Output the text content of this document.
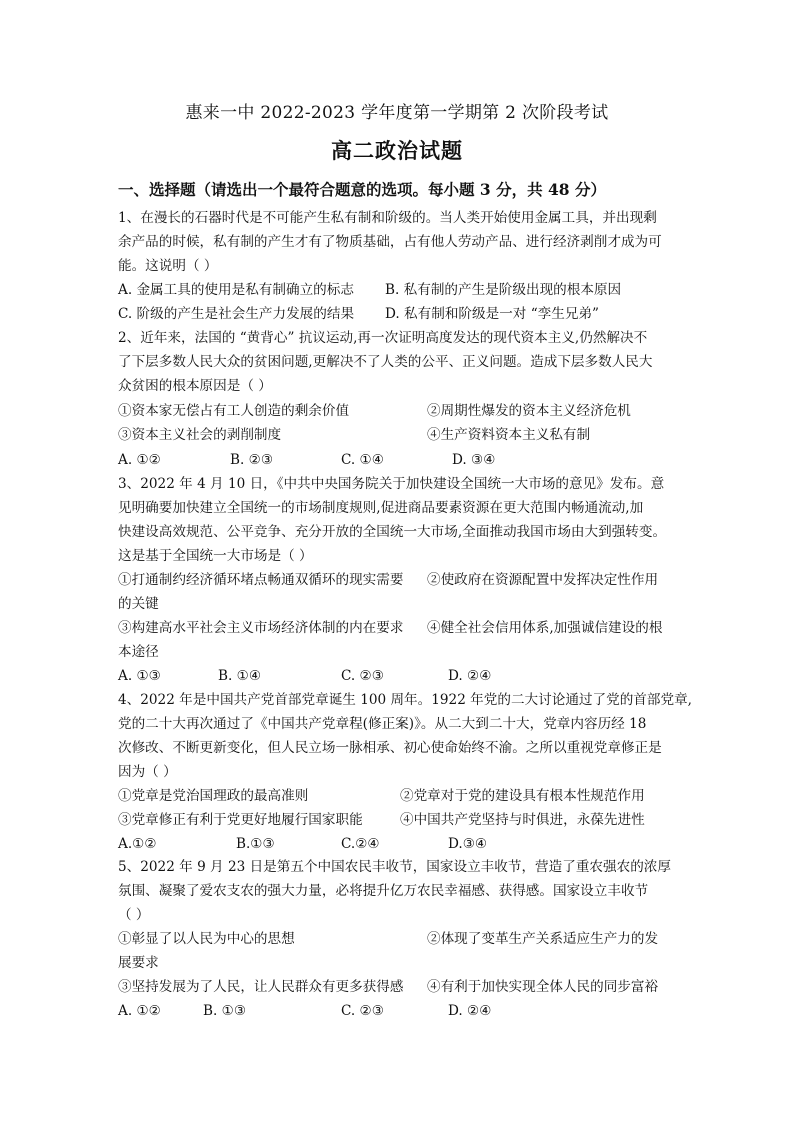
惠来一中 2022-2023 学年度第一学期第 2 次阶段考试
高二政治试题
一、选择题（请选出一个最符合题意的选项。每小题 3 分，共 48 分）
1、在漫长的石器时代是不可能产生私有制和阶级的。当人类开始使用金属工具，并出现剩
余产品的时候，私有制的产生才有了物质基础，占有他人劳动产品、进行经济剥削才成为可
能。这说明（ ）
A. 金属工具的使用是私有制确立的标志 B. 私有制的产生是阶级出现的根本原因
C. 阶级的产生是社会生产力发展的结果 D. 私有制和阶级是一对 “孪生兄弟”
2、近年来，法国的 “黄背心” 抗议运动,再一次证明高度发达的现代资本主义,仍然解决不
了下层多数人民大众的贫困问题,更解决不了人类的公平、正义问题。造成下层多数人民大
众贫困的根本原因是（ ）
①资本家无偿占有工人创造的剩余价值	②周期性爆发的资本主义经济危机
③资本主义社会的剥削制度	④生产资料资本主义私有制
A. ①②	B. ②③	C. ①④	D. ③④
3、2022 年 4 月 10 日，《中共中央国务院关于加快建设全国统一大市场的意见》发布。意
见明确要加快建立全国统一的市场制度规则,促进商品要素资源在更大范围内畅通流动,加
快建设高效规范、公平竞争、充分开放的全国统一大市场,全面推动我国市场由大到强转变。
这是基于全国统一大市场是（ ）
①打通制约经济循环堵点畅通双循环的现实需要 ②使政府在资源配置中发挥决定性作用
的关键
③构建高水平社会主义市场经济体制的内在要求 ④健全社会信用体系,加强诚信建设的根
本途径
A. ①③	B. ①④	C. ②③	D. ②④
4、2022 年是中国共产党首部党章诞生 100 周年。1922 年党的二大讨论通过了党的首部党章,
党的二十大再次通过了《中国共产党章程(修正案)》。从二大到二十大，党章内容历经 18
次修改、不断更新变化，但人民立场一脉相承、初心使命始终不渝。之所以重视党章修正是
因为（ ）
①党章是党治国理政的最高准则	②党章对于党的建设具有根本性规范作用
③党章修正有利于党更好地履行国家职能	④中国共产党坚持与时俱进，永葆先进性
A.①②	B.①③	C.②④	D.③④
5、2022 年 9 月 23 日是第五个中国农民丰收节，国家设立丰收节，营造了重农强农的浓厚
氛围、凝聚了爱农支农的强大力量，必将提升亿万农民幸福感、获得感。国家设立丰收节
（ ）
①彰显了以人民为中心的思想	②体现了变革生产关系适应生产力的发
展要求
③坚持发展为了人民，让人民群众有更多获得感 ④有利于加快实现全体人民的同步富裕
A. ①②	B. ①③	C. ②③	D. ②④
